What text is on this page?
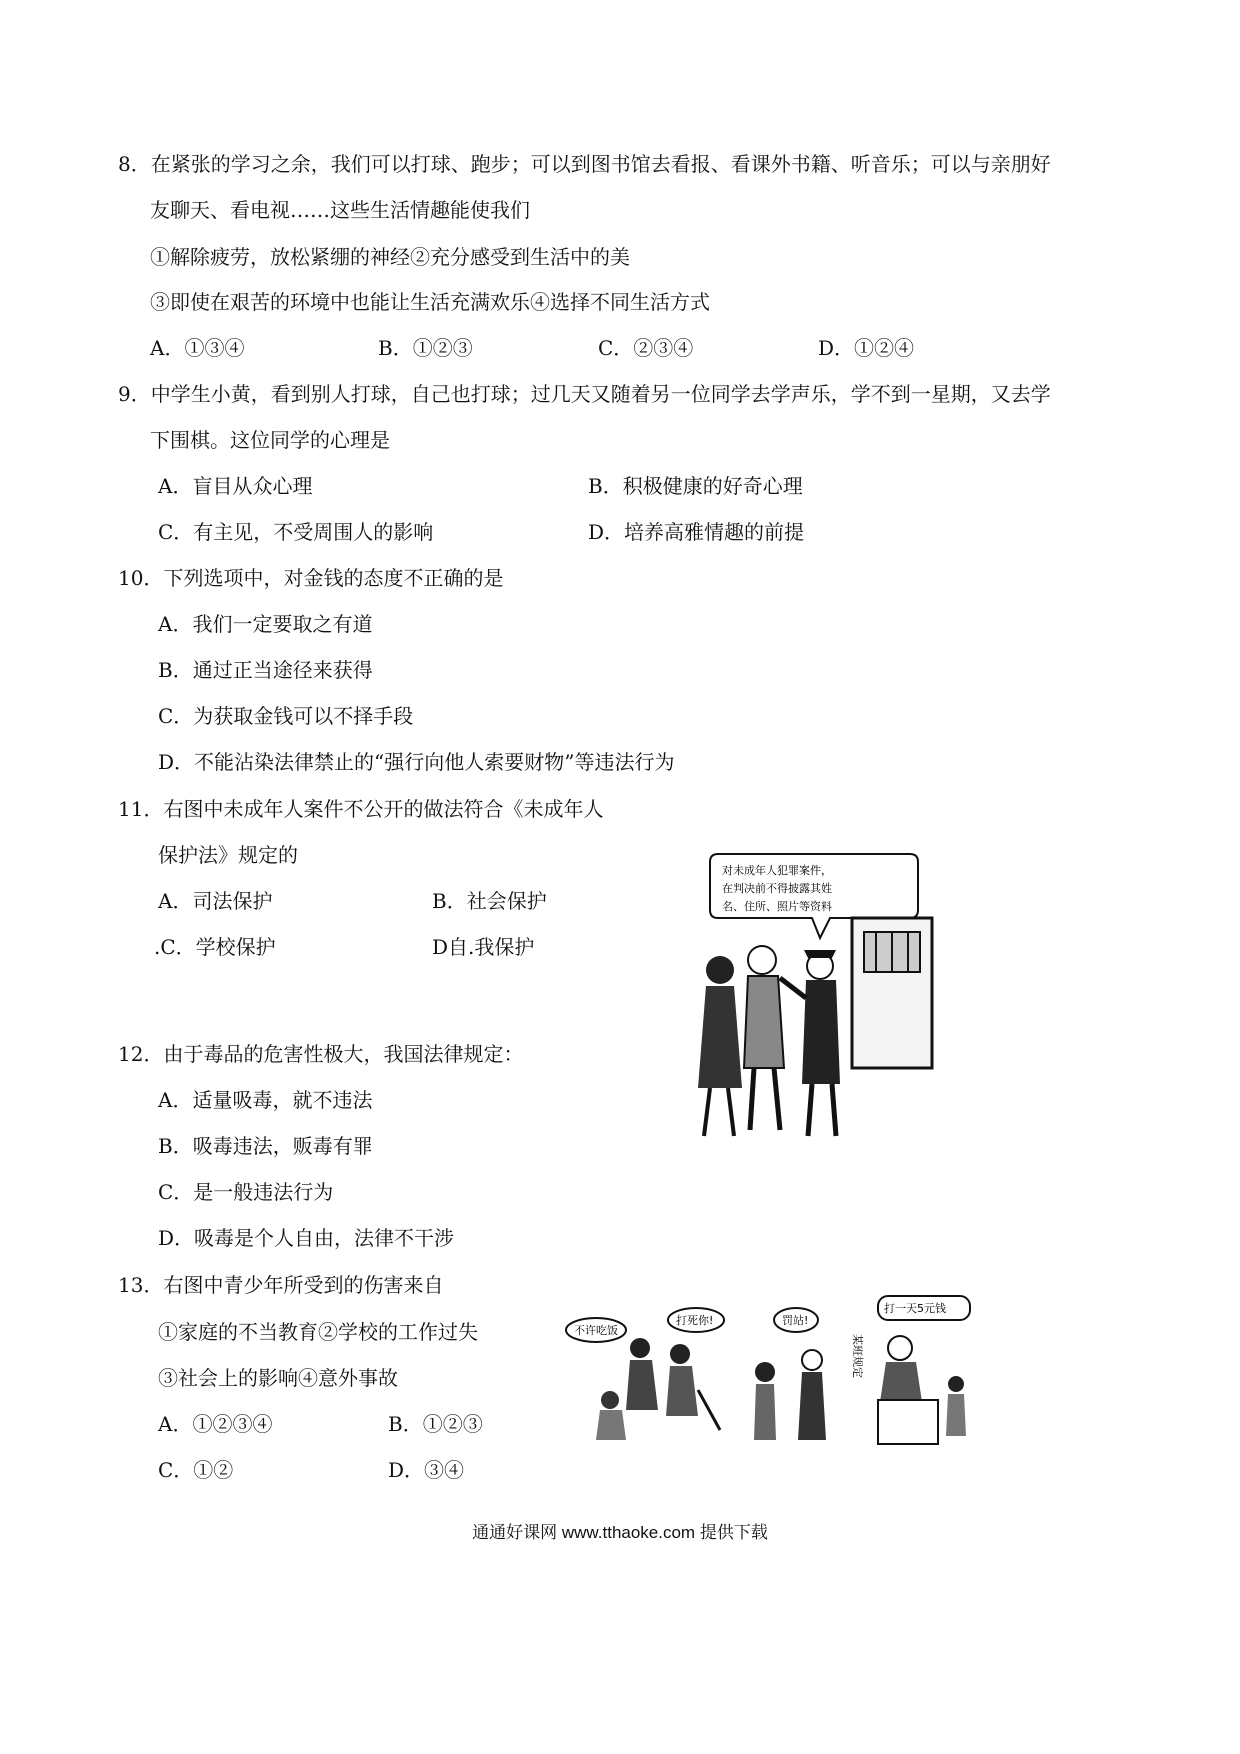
8．在紧张的学习之余，我们可以打球、跑步；可以到图书馆去看报、看课外书籍、听音乐；可以与亲朋好
友聊天、看电视……这些生活情趣能使我们
①解除疲劳，放松紧绷的神经②充分感受到生活中的美
③即使在艰苦的环境中也能让生活充满欢乐④选择不同生活方式
A．①③④	B．①②③	C．②③④	D．①②④
9．中学生小黄，看到别人打球，自己也打球；过几天又随着另一位同学去学声乐，学不到一星期，又去学
下围棋。这位同学的心理是
A．盲目从众心理	B．积极健康的好奇心理
C．有主见，不受周围人的影响	D．培养高雅情趣的前提
10．下列选项中，对金钱的态度不正确的是
A．我们一定要取之有道
B．通过正当途径来获得
C．为获取金钱可以不择手段
D．不能沾染法律禁止的“强行向他人索要财物”等违法行为
11．右图中未成年人案件不公开的做法符合《未成年人
保护法》规定的
A．司法保护	B．社会保护
.C．学校保护	D自.我保护
对未成年人犯罪案件，
在判决前不得披露其姓
名、住所、照片等资料
12．由于毒品的危害性极大，我国法律规定：
A．适量吸毒，就不违法
B．吸毒违法，贩毒有罪
C．是一般违法行为
D．吸毒是个人自由，法律不干涉
13．右图中青少年所受到的伤害来自
①家庭的不当教育②学校的工作过失
③社会上的影响④意外事故
A．①②③④	B．①②③
C．①②	D．③④
不许吃饭
打死你!	罚站!
某班规定
打一天5元钱
通通好课网 www.tthaoke.com 提供下载
